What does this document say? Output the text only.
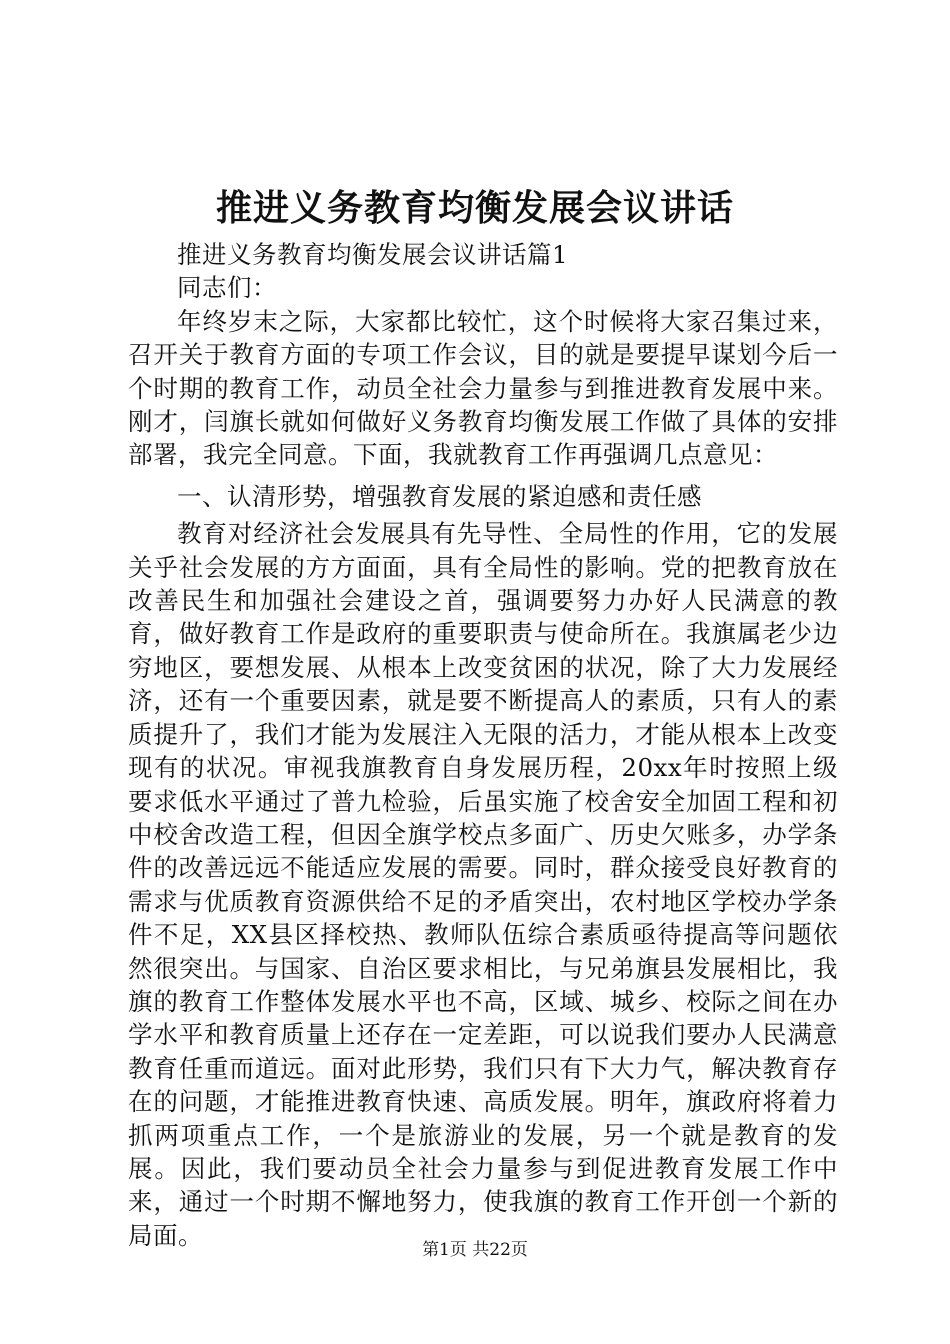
推进义务教育均衡发展会议讲话

推进义务教育均衡发展会议讲话篇1

同志们：

年终岁末之际，大家都比较忙，这个时候将大家召集过来，召开关于教育方面的专项工作会议，目的就是要提早谋划今后一个时期的教育工作，动员全社会力量参与到推进教育发展中来。刚才，闫旗长就如何做好义务教育均衡发展工作做了具体的安排部署，我完全同意。下面，我就教育工作再强调几点意见：

一、认清形势，增强教育发展的紧迫感和责任感

教育对经济社会发展具有先导性、全局性的作用，它的发展关乎社会发展的方方面面，具有全局性的影响。党的把教育放在改善民生和加强社会建设之首，强调要努力办好人民满意的教育，做好教育工作是政府的重要职责与使命所在。我旗属老少边穷地区，要想发展、从根本上改变贫困的状况，除了大力发展经济，还有一个重要因素，就是要不断提高人的素质，只有人的素质提升了，我们才能为发展注入无限的活力，才能从根本上改变现有的状况。审视我旗教育自身发展历程，20xx年时按照上级要求低水平通过了普九检验，后虽实施了校舍安全加固工程和初中校舍改造工程，但因全旗学校点多面广、历史欠账多，办学条件的改善远远不能适应发展的需要。同时，群众接受良好教育的需求与优质教育资源供给不足的矛盾突出，农村地区学校办学条件不足，XX县区择校热、教师队伍综合素质亟待提高等问题依然很突出。与国家、自治区要求相比，与兄弟旗县发展相比，我旗的教育工作整体发展水平也不高，区域、城乡、校际之间在办学水平和教育质量上还存在一定差距，可以说我们要办人民满意教育任重而道远。面对此形势，我们只有下大力气，解决教育存在的问题，才能推进教育快速、高质发展。明年，旗政府将着力抓两项重点工作，一个是旅游业的发展，另一个就是教育的发展。因此，我们要动员全社会力量参与到促进教育发展工作中来，通过一个时期不懈地努力，使我旗的教育工作开创一个新的局面。

第1页 共22页
